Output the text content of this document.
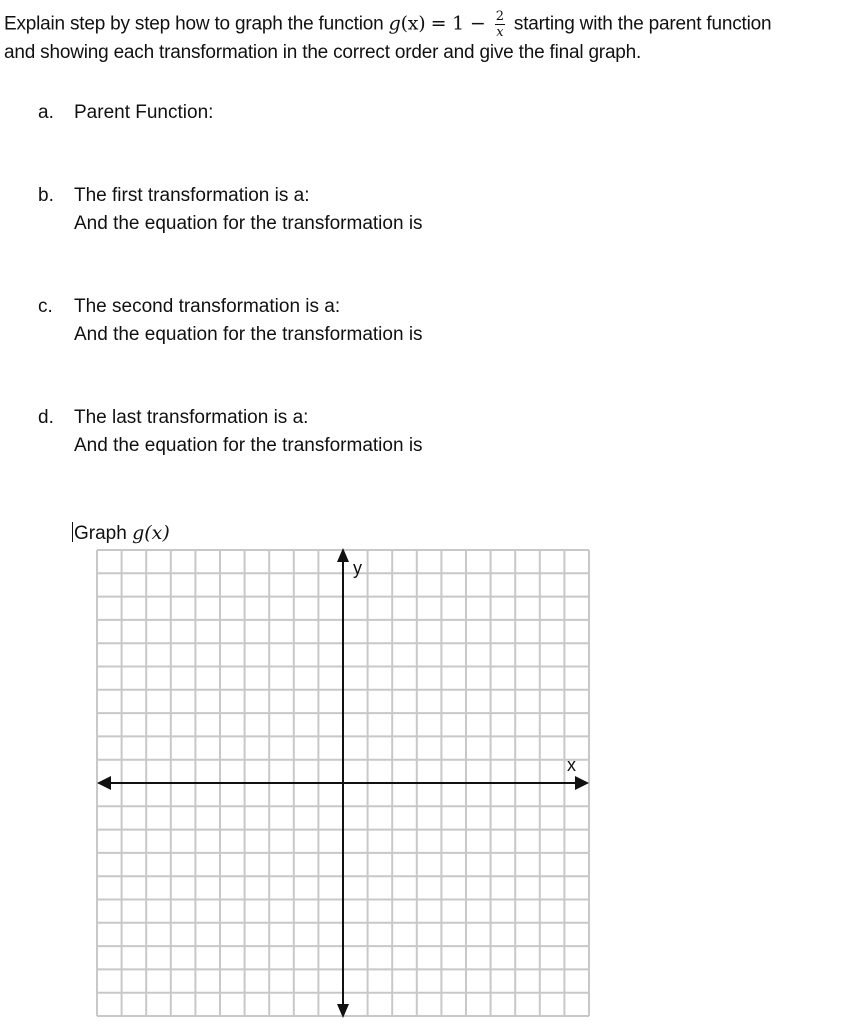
Explain step by step how to graph the function $g(x) = 1 - \frac{2}{x}$ starting with the parent function
and showing each transformation in the correct order and give the final graph.
a. Parent Function:
b. The first transformation is a:
And the equation for the transformation is
c. The second transformation is a:
And the equation for the transformation is
d. The last transformation is a:
And the equation for the transformation is
Graph g(x)
y
x
